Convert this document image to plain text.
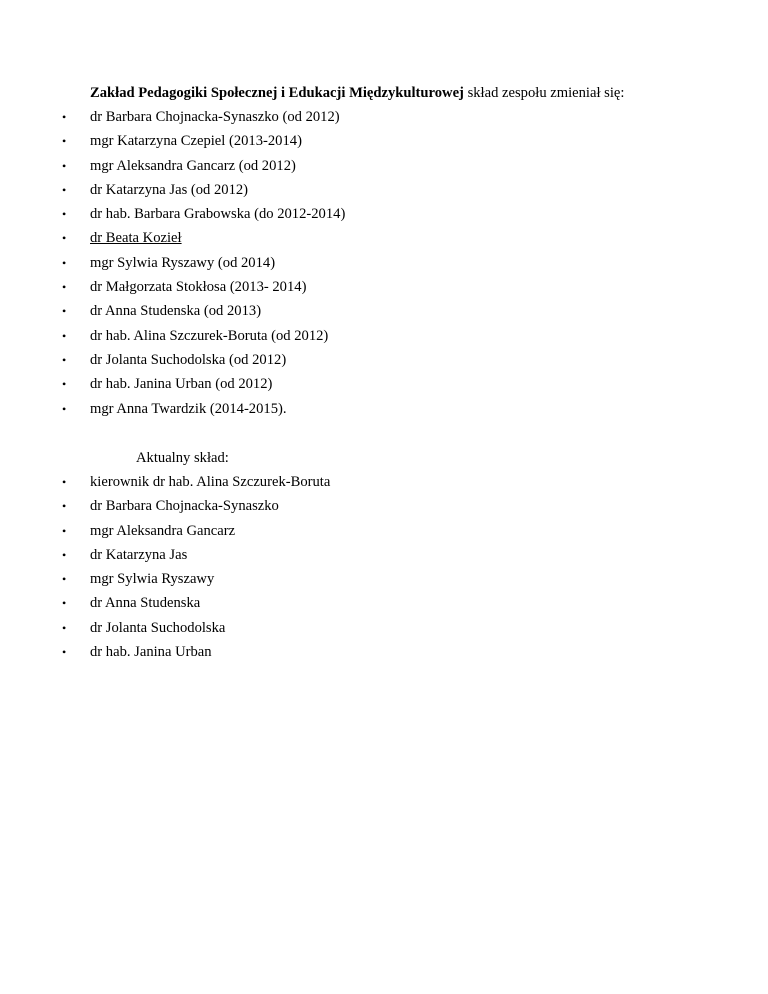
Zakład Pedagogiki Społecznej i Edukacji Międzykulturowej skład zespołu zmieniał się:
• dr Barbara Chojnacka-Synaszko (od 2012)
• mgr Katarzyna Czepiel (2013-2014)
• mgr Aleksandra Gancarz (od 2012)
• dr Katarzyna Jas (od 2012)
• dr hab. Barbara Grabowska (do 2012-2014)
• dr Beata Kozieł
• mgr Sylwia Ryszawy (od 2014)
• dr Małgorzata Stokłosa (2013- 2014)
• dr Anna Studenska (od 2013)
• dr hab. Alina Szczurek-Boruta (od 2012)
• dr Jolanta Suchodolska (od 2012)
• dr hab. Janina Urban (od 2012)
• mgr Anna Twardzik (2014-2015).
Aktualny skład:
• kierownik dr hab. Alina Szczurek-Boruta
• dr Barbara Chojnacka-Synaszko
• mgr Aleksandra Gancarz
• dr Katarzyna Jas
• mgr Sylwia Ryszawy
• dr Anna Studenska
• dr Jolanta Suchodolska
• dr hab. Janina Urban
